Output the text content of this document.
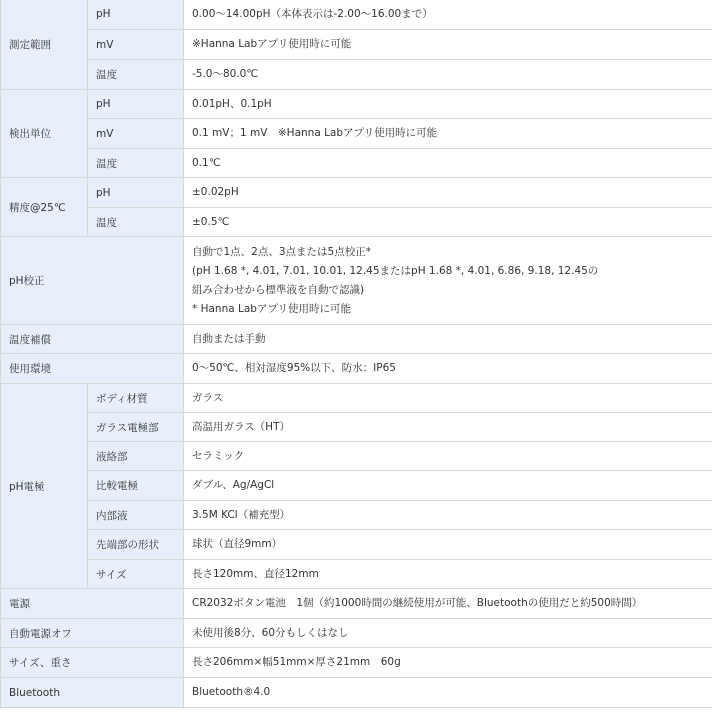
測定範囲	pH	0.00〜14.00pH（本体表示は-2.00〜16.00まで）
	mV	※Hanna Labアプリ使用時に可能
	温度	-5.0〜80.0℃
検出単位	pH	0.01pH、0.1pH
	mV	0.1 mV；1 mV　※Hanna Labアプリ使用時に可能
	温度	0.1℃
精度@25℃	pH	±0.02pH
	温度	±0.5℃
pH校正		自動で1点、2点、3点または5点校正*
(pH 1.68 *, 4.01, 7.01, 10.01, 12.45またはpH 1.68 *, 4.01, 6.86, 9.18, 12.45の
組み合わせから標準液を自動で認識)
* Hanna Labアプリ使用時に可能

温度補償		自動または手動
使用環境		0〜50℃、相対湿度95%以下、防水：IP65
pH電極	ボディ材質	ガラス
	ガラス電極部	高温用ガラス（HT）
	液絡部	セラミック
	比較電極	ダブル、Ag/AgCl
	内部液	3.5M KCl（補充型）
	先端部の形状	球状（直径9mm）
	サイズ	長さ120mm、直径12mm
電源		CR2032ボタン電池　1個（約1000時間の継続使用が可能、Bluetoothの使用だと約500時間）
自動電源オフ		未使用後8分、60分もしくはなし
サイズ、重さ		長さ206mm×幅51mm×厚さ21mm　60g
Bluetooth		Bluetooth®4.0
